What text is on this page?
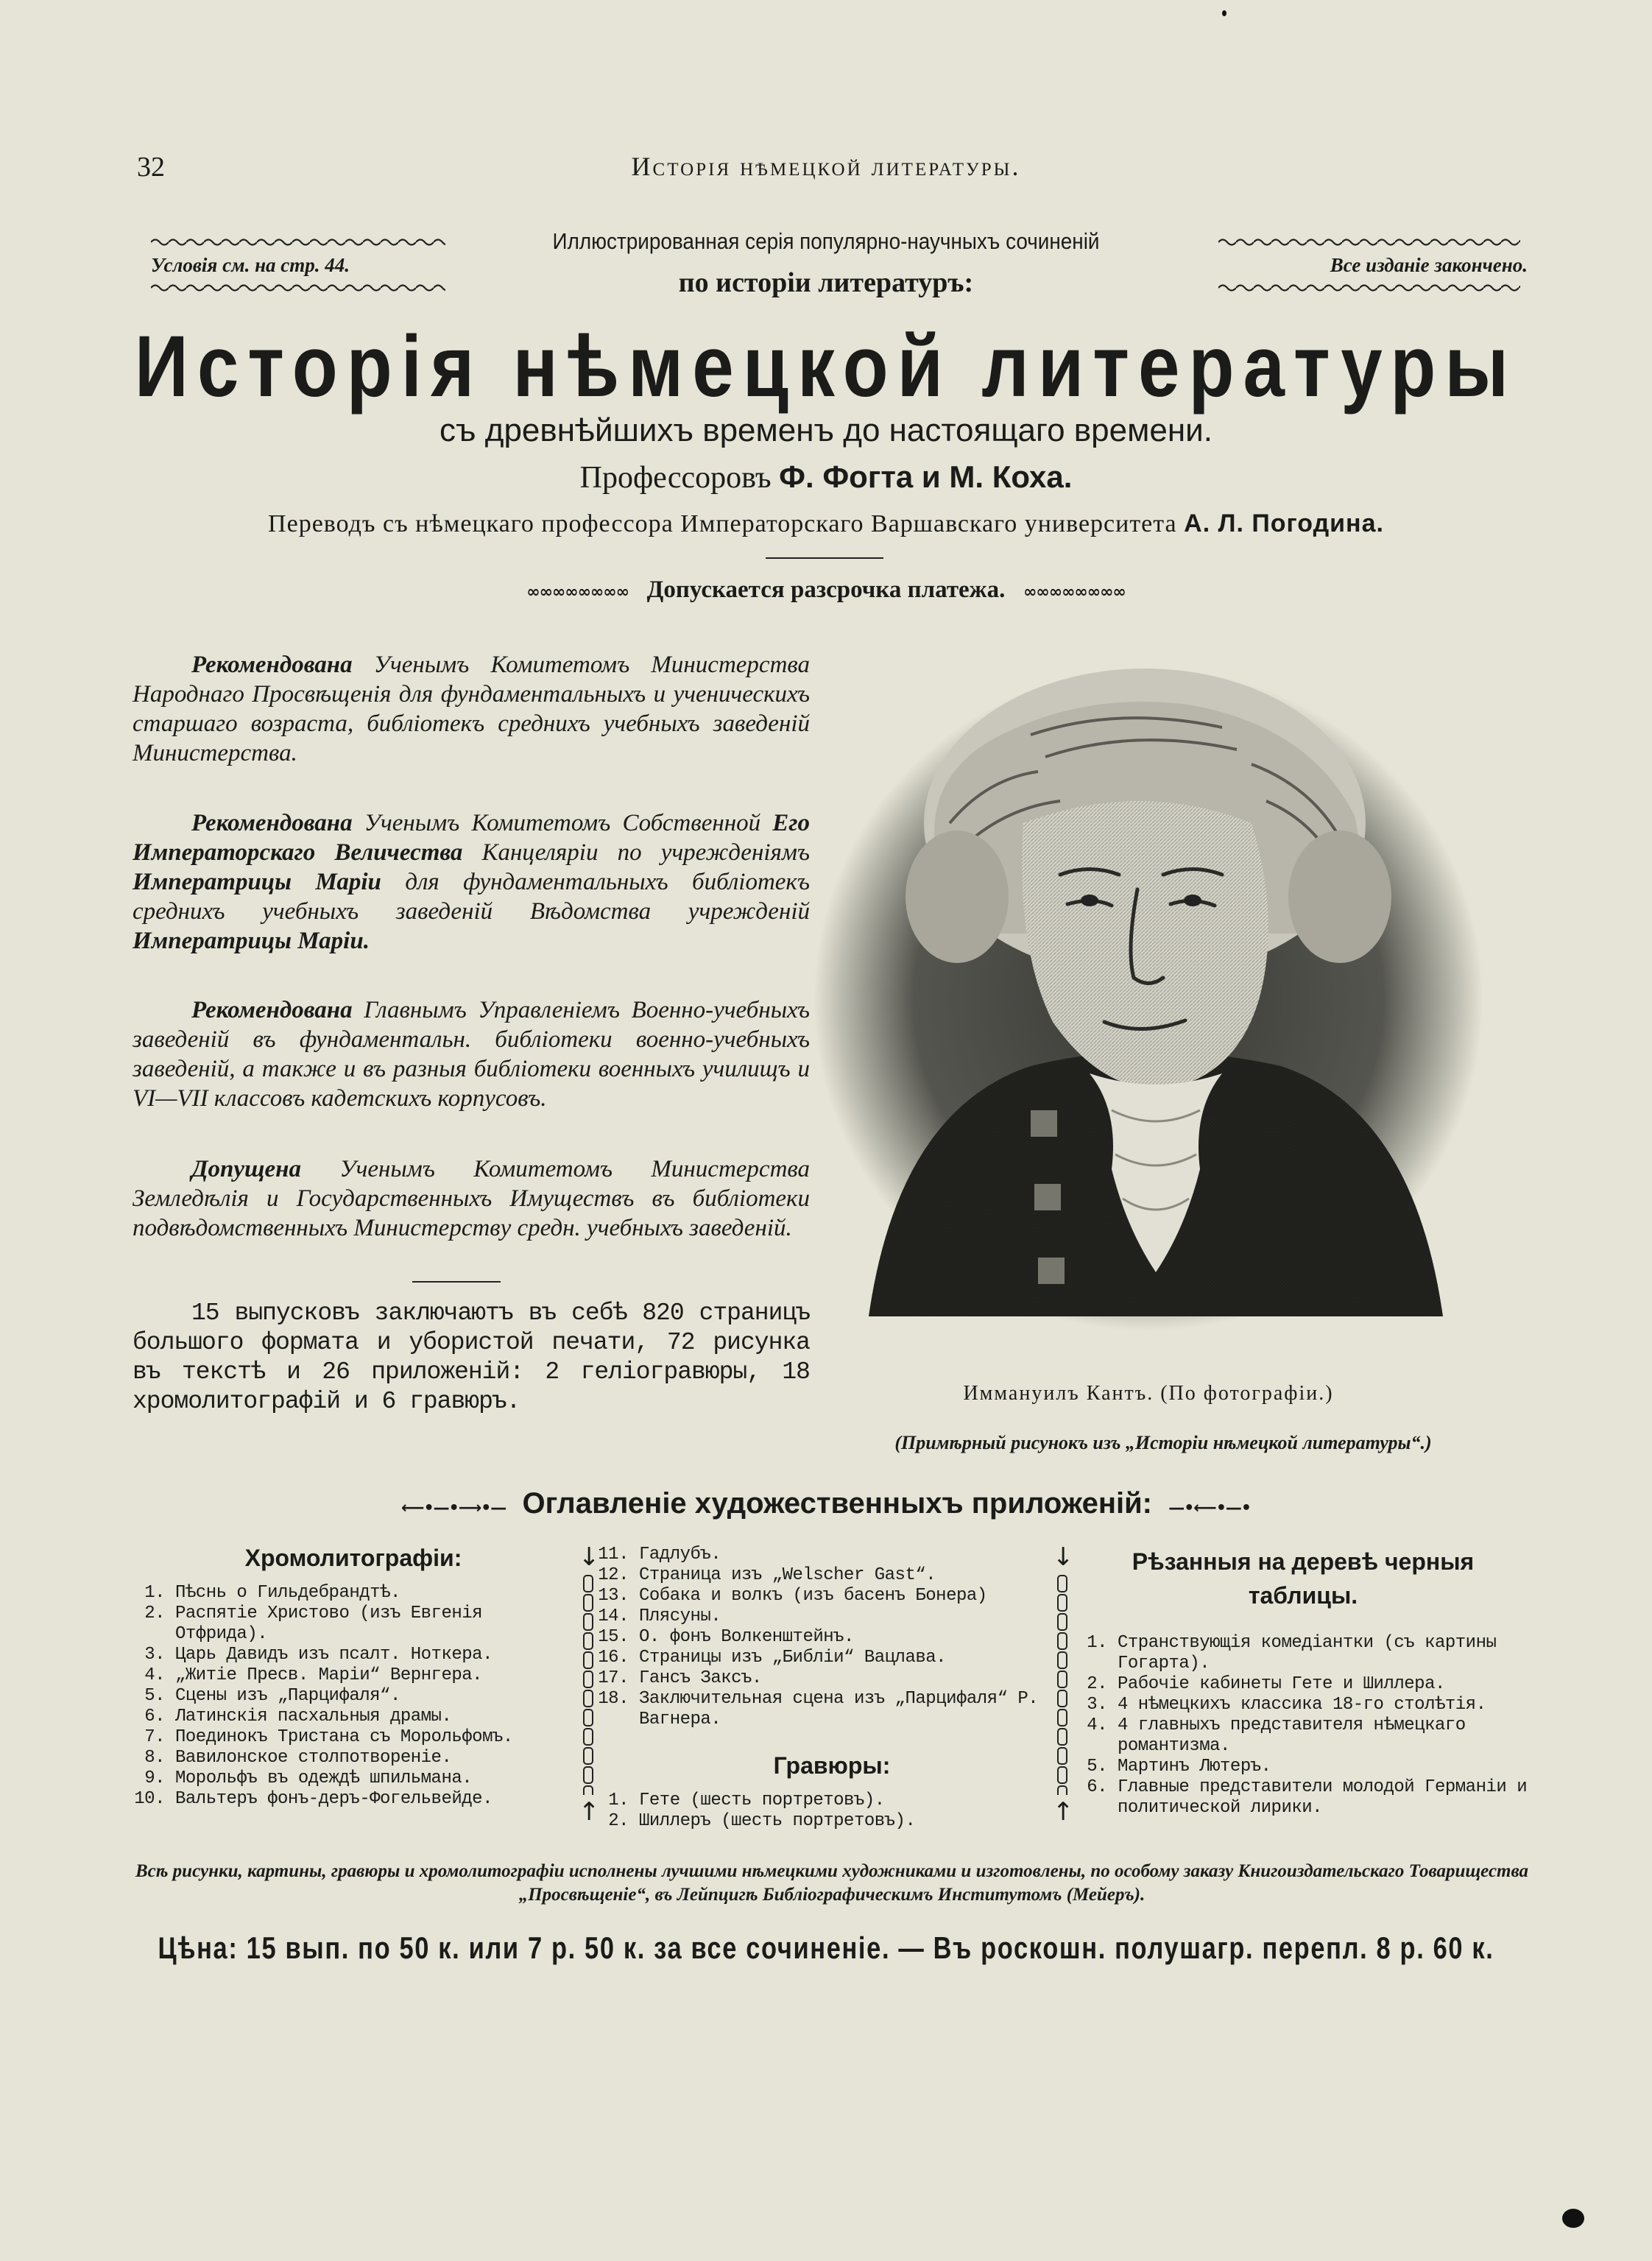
32	Исторія нѣмецкой литературы.
Условія см. на стр. 44.	Все изданіе закончено.
Иллюстрированная серія популярно-научныхъ сочиненій
по исторіи литературъ:
Исторія нѣмецкой литературы
съ древнѣйшихъ временъ до настоящаго времени.
Профессоровъ Ф. Фогта и М. Коха.
Переводъ съ нѣмецкаго профессора Императорскаго Варшавскаго университета А. Л. Погодина.
∞∞∞∞∞∞∞∞ Допускается разсрочка платежа. ∞∞∞∞∞∞∞∞
Рекомендована Ученымъ Комитетомъ Министерства Народнаго Просвѣщенія для фундаментальныхъ и ученическихъ старшаго возраста, библіотекъ среднихъ учебныхъ заведеній Министерства.
Рекомендована Ученымъ Комитетомъ Собственной Его Императорскаго Величества Канцеляріи по учрежденіямъ Императрицы Маріи для фундаментальныхъ библіотекъ среднихъ учебныхъ заведеній Вѣдомства учрежденій Императрицы Маріи.
Рекомендована Главнымъ Управленіемъ Военно-учебныхъ заведеній въ фундаментальн. библіотеки военно-учебныхъ заведеній, а также и въ разныя библіотеки военныхъ училищъ и VI—VII классовъ кадетскихъ корпусовъ.
Допущена Ученымъ Комитетомъ Министерства Земледѣлія и Государственныхъ Имуществъ въ библіотеки подвѣдомственныхъ Министерству средн. учебныхъ заведеній.
15 выпусковъ заключаютъ въ себѣ 820 страницъ большого формата и убористой печати, 72 рисунка въ текстѣ и 26 приложеній: 2 геліогравюры, 18 хромолитографій и 6 гравюръ.	Иммануилъ Кантъ. (По фотографіи.)
(Примѣрный рисунокъ изъ „Исторіи нѣмецкой литературы“.)
⟵•—•⟶•— Оглавленіе художественныхъ приложеній: —•⟵•—•
Хромолитографіи:
1. Пѣснь о Гильдебрандтѣ.
2. Распятіе Христово (изъ Евгенія Отфрида).
3. Царь Давидъ изъ псалт. Ноткера.
4. „Житіе Пресв. Маріи“ Вернгера.
5. Сцены изъ „Парцифаля“.
6. Латинскія пасхальныя драмы.
7. Поединокъ Тристана съ Морольфомъ.
8. Вавилонское столпотвореніе.
9. Морольфъ въ одеждѣ шпильмана.
10. Вальтеръ фонъ-деръ-Фогельвейде.
↓
↑
11. Гадлубъ.
12. Страница изъ „Welscher Gast“.
13. Собака и волкъ (изъ басенъ Бонера)
14. Плясуны.
15. О. фонъ Волкенштейнъ.
16. Страницы изъ „Библіи“ Вацлава.
17. Гансъ Заксъ.
18. Заключительная сцена изъ „Парцифаля“ Р. Вагнера.
Гравюры:
1. Гете (шесть портретовъ).
2. Шиллеръ (шесть портретовъ).
↓
↑
Рѣзанныя на деревѣ черныя таблицы.
1. Странствующія комедіантки (съ картины Гогарта).
2. Рабочіе кабинеты Гете и Шиллера.
3. 4 нѣмецкихъ классика 18-го столѣтія.
4. 4 главныхъ представителя нѣмецкаго романтизма.
5. Мартинъ Лютеръ.
6. Главные представители молодой Германіи и политической лирики.
Всѣ рисунки, картины, гравюры и хромолитографіи исполнены лучшими нѣмецкими художниками и изготовлены, по особому заказу Книгоиздательскаго Товарищества „Просвѣщеніе“, въ Лейпцигѣ Библіографическимъ Институтомъ (Мейеръ).
Цѣна: 15 вып. по 50 к. или 7 р. 50 к. за все сочиненіе. — Въ роскошн. полушагр. перепл. 8 р. 60 к.
